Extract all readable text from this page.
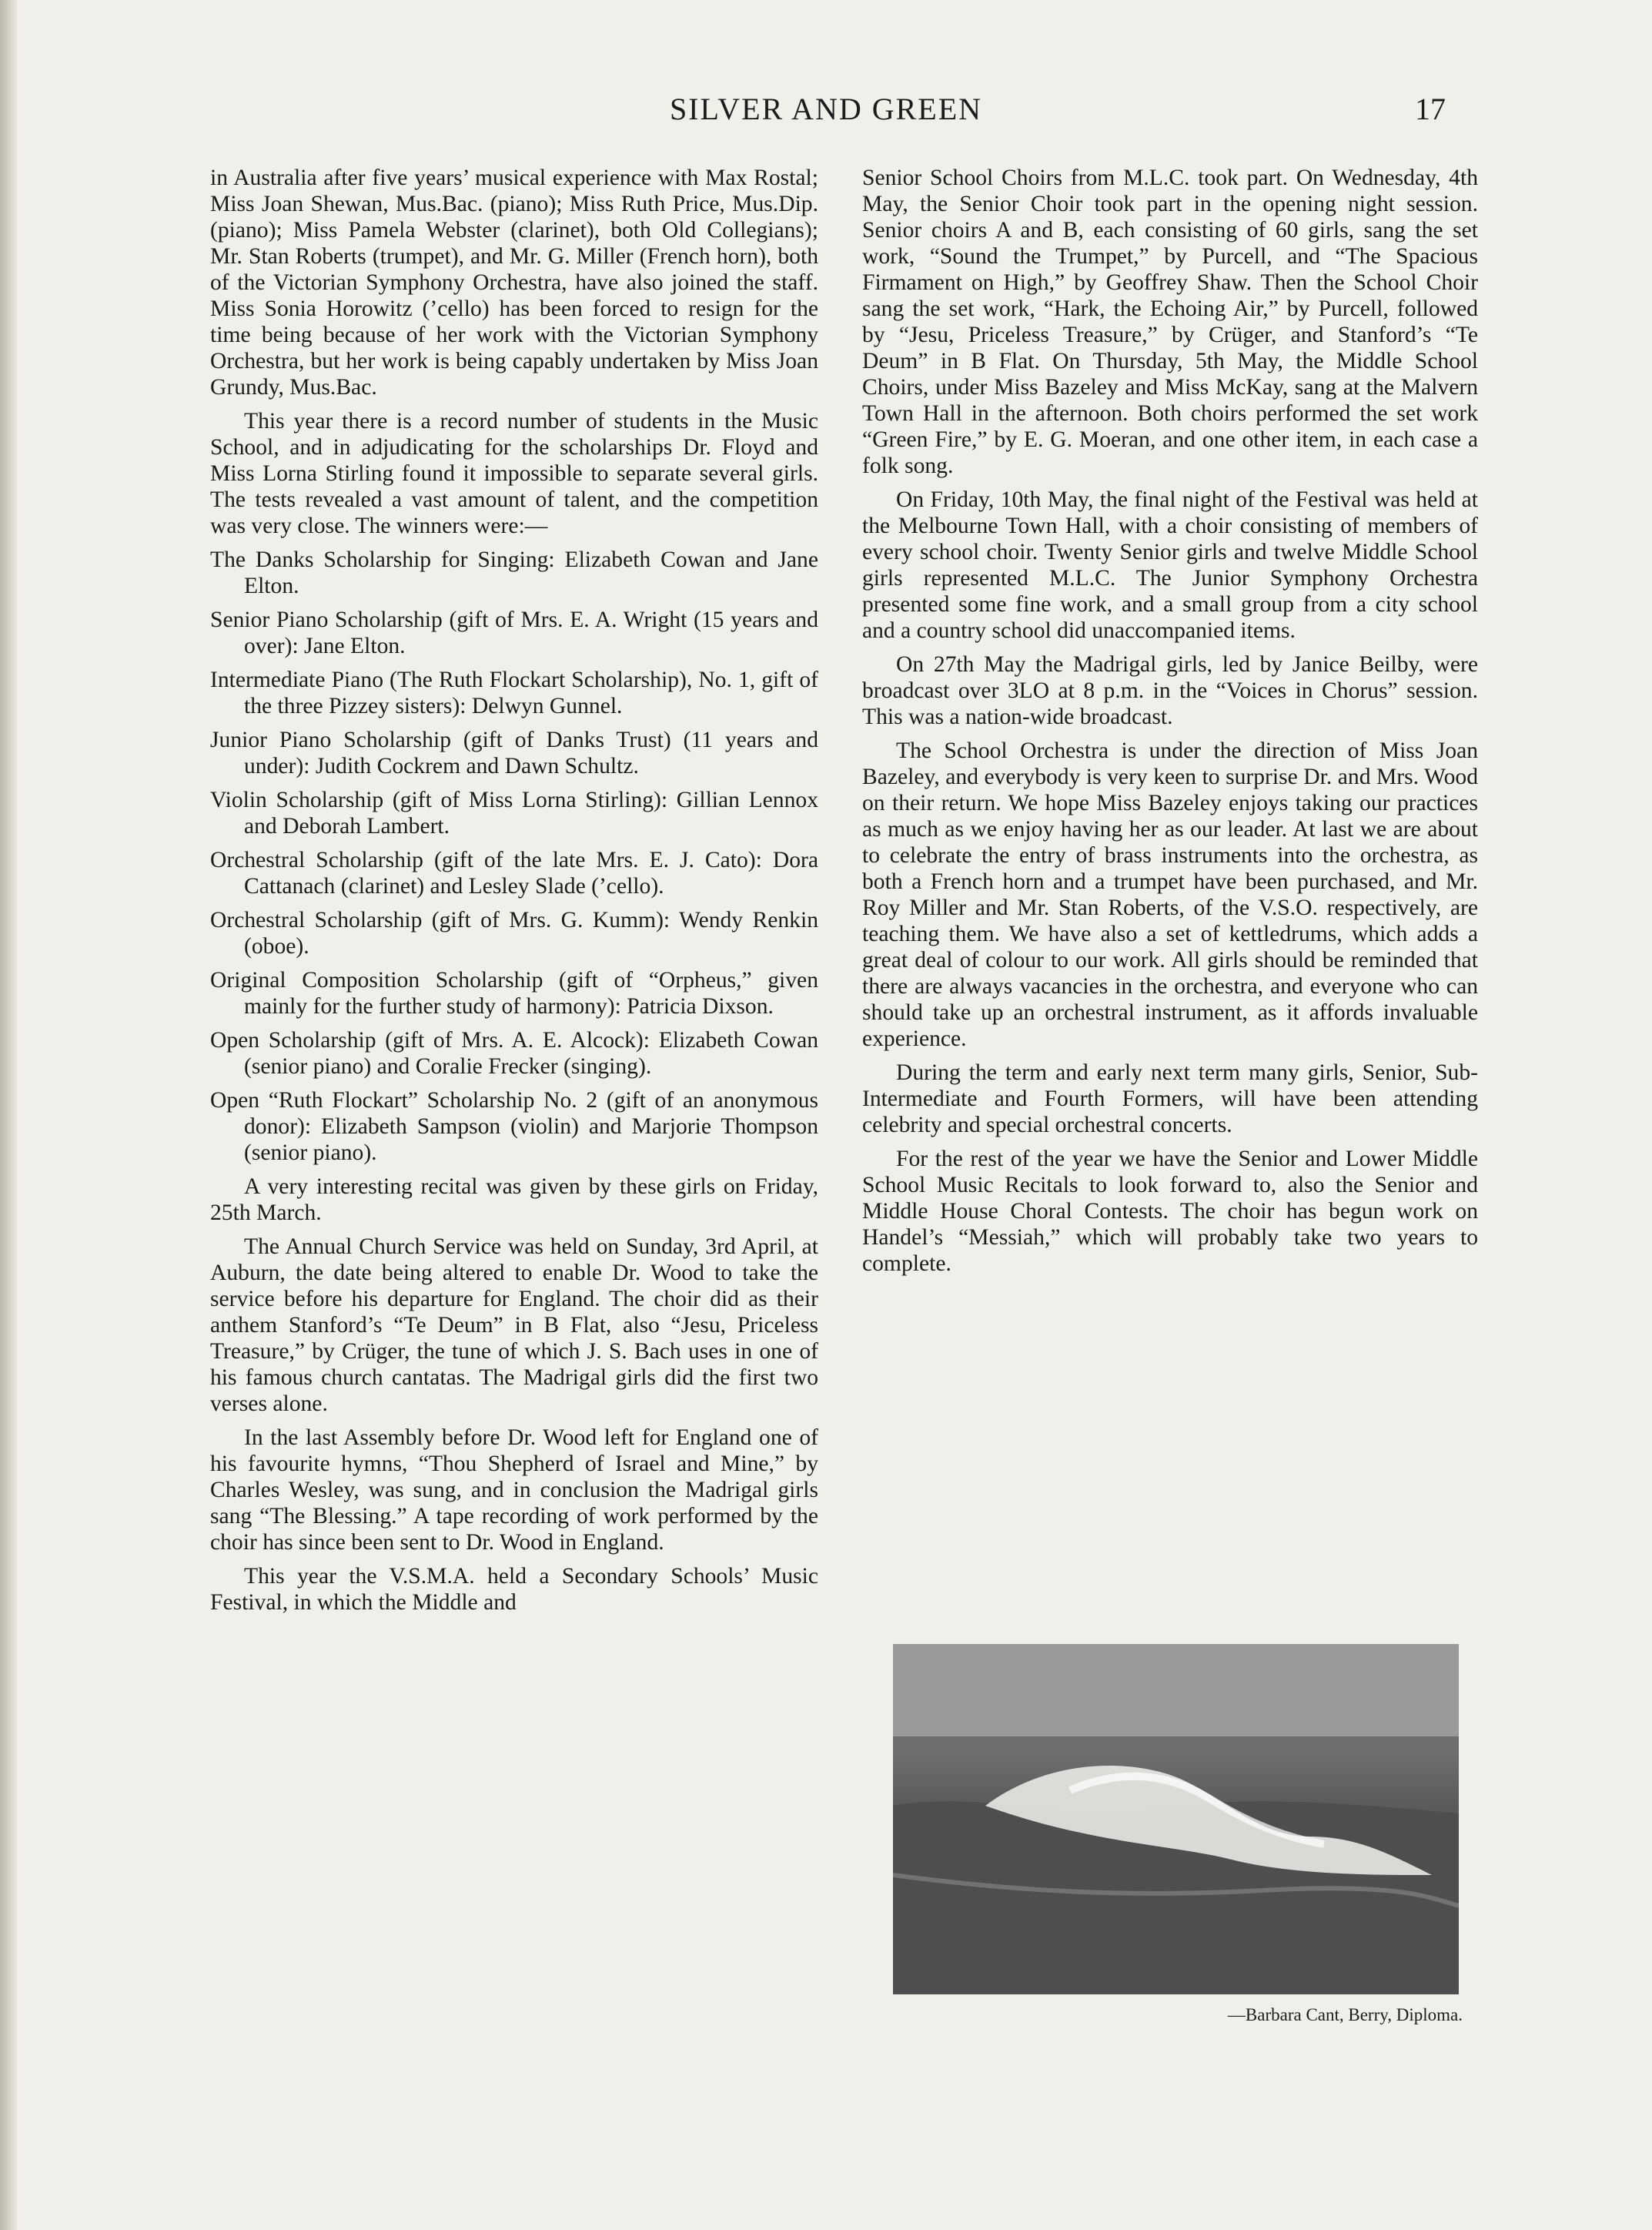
SILVER AND GREEN	17

in Australia after five years’ musical experience with Max Rostal; Miss Joan Shewan, Mus.Bac. (piano); Miss Ruth Price, Mus.Dip. (piano); Miss Pamela Webster (clarinet), both Old Collegians); Mr. Stan Roberts (trumpet), and Mr. G. Miller (French horn), both of the Victorian Symphony Orchestra, have also joined the staff. Miss Sonia Horowitz (’cello) has been forced to resign for the time being because of her work with the Victorian Symphony Orchestra, but her work is being capably undertaken by Miss Joan Grundy, Mus.Bac.

This year there is a record number of students in the Music School, and in adjudicating for the scholarships Dr. Floyd and Miss Lorna Stirling found it impossible to separate several girls. The tests revealed a vast amount of talent, and the competition was very close. The winners were:—

The Danks Scholarship for Singing: Elizabeth Cowan and Jane Elton.

Senior Piano Scholarship (gift of Mrs. E. A. Wright (15 years and over): Jane Elton.

Intermediate Piano (The Ruth Flockart Scholarship), No. 1, gift of the three Pizzey sisters): Delwyn Gunnel.

Junior Piano Scholarship (gift of Danks Trust) (11 years and under): Judith Cockrem and Dawn Schultz.

Violin Scholarship (gift of Miss Lorna Stirling): Gillian Lennox and Deborah Lambert.

Orchestral Scholarship (gift of the late Mrs. E. J. Cato): Dora Cattanach (clarinet) and Lesley Slade (’cello).

Orchestral Scholarship (gift of Mrs. G. Kumm): Wendy Renkin (oboe).

Original Composition Scholarship (gift of “Orpheus,” given mainly for the further study of harmony): Patricia Dixson.

Open Scholarship (gift of Mrs. A. E. Alcock): Elizabeth Cowan (senior piano) and Coralie Frecker (singing).

Open “Ruth Flockart” Scholarship No. 2 (gift of an anonymous donor): Elizabeth Sampson (violin) and Marjorie Thompson (senior piano).

A very interesting recital was given by these girls on Friday, 25th March.

The Annual Church Service was held on Sunday, 3rd April, at Auburn, the date being altered to enable Dr. Wood to take the service before his departure for England. The choir did as their anthem Stanford’s “Te Deum” in B Flat, also “Jesu, Priceless Treasure,” by Crüger, the tune of which J. S. Bach uses in one of his famous church cantatas. The Madrigal girls did the first two verses alone.

In the last Assembly before Dr. Wood left for England one of his favourite hymns, “Thou Shepherd of Israel and Mine,” by Charles Wesley, was sung, and in conclusion the Madrigal girls sang “The Blessing.” A tape recording of work performed by the choir has since been sent to Dr. Wood in England.

This year the V.S.M.A. held a Secondary Schools’ Music Festival, in which the Middle and

Senior School Choirs from M.L.C. took part. On Wednesday, 4th May, the Senior Choir took part in the opening night session. Senior choirs A and B, each consisting of 60 girls, sang the set work, “Sound the Trumpet,” by Purcell, and “The Spacious Firmament on High,” by Geoffrey Shaw. Then the School Choir sang the set work, “Hark, the Echoing Air,” by Purcell, followed by “Jesu, Priceless Treasure,” by Crüger, and Stanford’s “Te Deum” in B Flat. On Thursday, 5th May, the Middle School Choirs, under Miss Bazeley and Miss McKay, sang at the Malvern Town Hall in the afternoon. Both choirs performed the set work “Green Fire,” by E. G. Moeran, and one other item, in each case a folk song.

On Friday, 10th May, the final night of the Festival was held at the Melbourne Town Hall, with a choir consisting of members of every school choir. Twenty Senior girls and twelve Middle School girls represented M.L.C. The Junior Symphony Orchestra presented some fine work, and a small group from a city school and a country school did unaccompanied items.

On 27th May the Madrigal girls, led by Janice Beilby, were broadcast over 3LO at 8 p.m. in the “Voices in Chorus” session. This was a nation-wide broadcast.

The School Orchestra is under the direction of Miss Joan Bazeley, and everybody is very keen to surprise Dr. and Mrs. Wood on their return. We hope Miss Bazeley enjoys taking our practices as much as we enjoy having her as our leader. At last we are about to celebrate the entry of brass instruments into the orchestra, as both a French horn and a trumpet have been purchased, and Mr. Roy Miller and Mr. Stan Roberts, of the V.S.O. respectively, are teaching them. We have also a set of kettledrums, which adds a great deal of colour to our work. All girls should be reminded that there are always vacancies in the orchestra, and everyone who can should take up an orchestral instrument, as it affords invaluable experience.

During the term and early next term many girls, Senior, Sub-Intermediate and Fourth Formers, will have been attending celebrity and special orchestral concerts.

For the rest of the year we have the Senior and Lower Middle School Music Recitals to look forward to, also the Senior and Middle House Choral Contests. The choir has begun work on Handel’s “Messiah,” which will probably take two years to complete.

—Barbara Cant, Berry, Diploma.
